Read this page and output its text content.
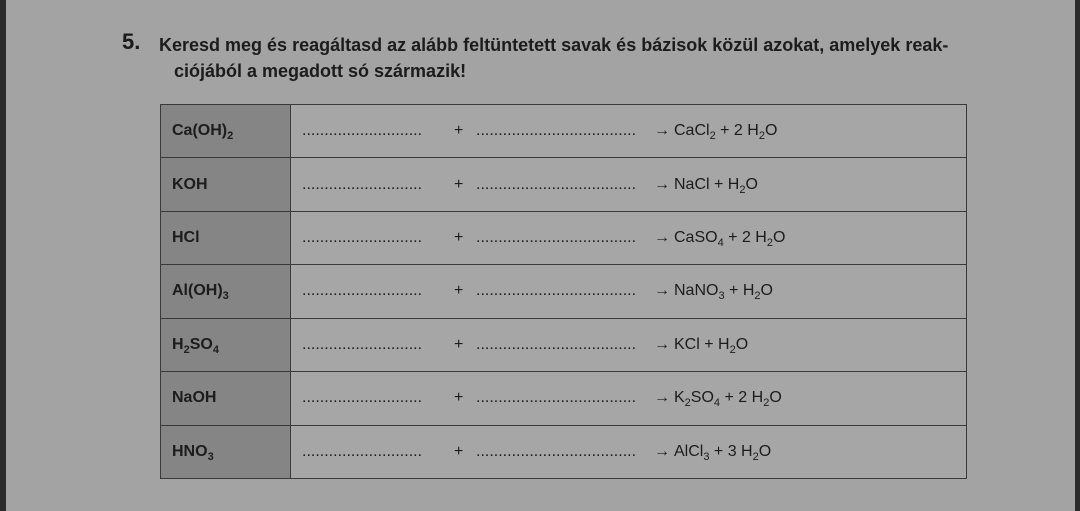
5. Keresd meg és reagáltasd az alább feltüntetett savak és bázisok közül azokat, amelyek reak-
ciójából a megadott só származik!
$Ca(OH)_2$	........................... + .................................... → CaCl$_2$ + 2 $H_2O$
KOH	........................... + .................................... → NaCl + $H_2O$
HCl	........................... + .................................... → CaSO$_4$ + 2 $H_2O$
$Al(OH)_3$	........................... + .................................... → NaNO$_3$ + $H_2O$
$H_2SO_4$	........................... + .................................... → KCl + $H_2O$
NaOH	........................... + .................................... → $K_2SO_4 + 2$ $H_2O$
$HNO_3$	........................... + .................................... → AlCl$_3$ + 3 $H_2O$
